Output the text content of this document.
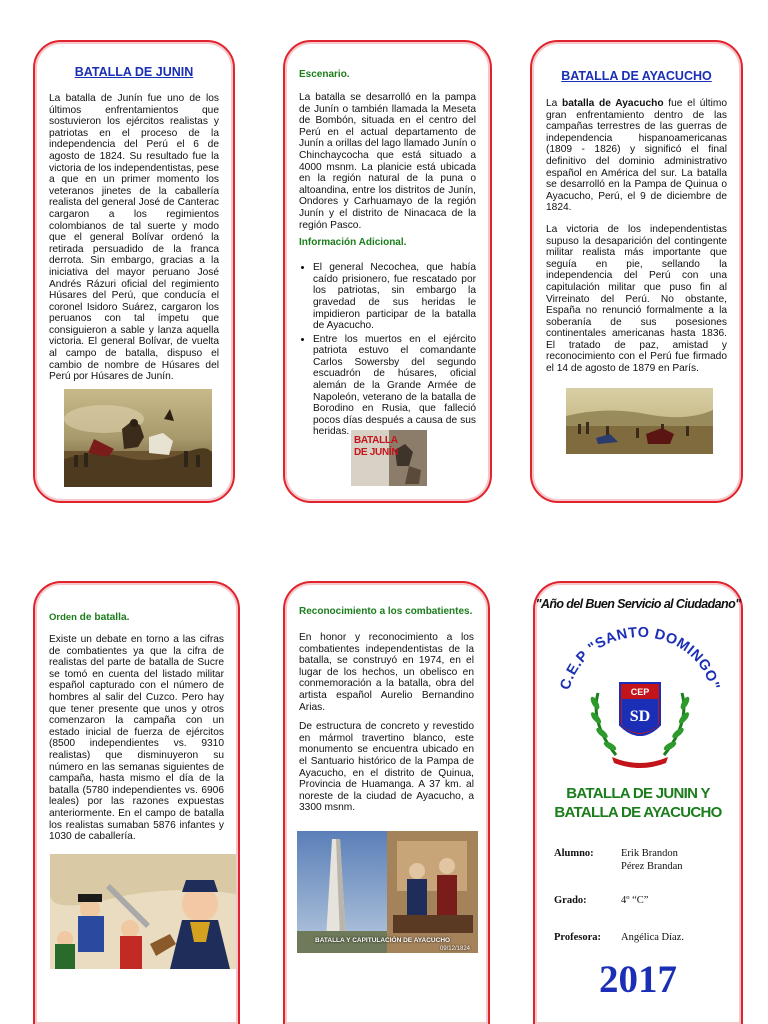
BATALLA DE JUNIN

La batalla de Junín fue uno de los últimos enfrentamientos que sostuvieron los ejércitos realistas y patriotas en el proceso de la independencia del Perú el 6 de agosto de 1824. Su resultado fue la victoria de los independentistas, pese a que en un primer momento los veteranos jinetes de la caballería realista del general José de Canterac cargaron a los regimientos colombianos de tal suerte y modo que el general Bolívar ordenó la retirada persuadido de la franca derrota. Sin embargo, gracias a la iniciativa del mayor peruano José Andrés Rázuri oficial del regimiento Húsares del Perú, que conducía el coronel Isidoro Suárez, cargaron los peruanos con tal ímpetu que consiguieron a sable y lanza aquella victoria. El general Bolívar, de vuelta al campo de batalla, dispuso el cambio de nombre de Húsares del Perú por Húsares de Junín.

Escenario.

La batalla se desarrolló en la pampa de Junín o también llamada la Meseta de Bombón, situada en el centro del Perú en el actual departamento de Junín a orillas del lago llamado Junín o Chinchaycocha que está situado a 4000 msnm. La planicie está ubicada en la región natural de la puna o altoandina, entre los distritos de Junín, Ondores y Carhuamayo de la región Junín y el distrito de Ninacaca de la región Pasco.

Información Adicional.
• El general Necochea, que había caído prisionero, fue rescatado por los patriotas, sin embargo la gravedad de sus heridas le impidieron participar de la batalla de Ayacucho.
• Entre los muertos en el ejército patriota estuvo el comandante Carlos Sowersby del segundo escuadrón de húsares, oficial alemán de la Grande Armée de Napoleón, veterano de la batalla de Borodino en Rusia, que falleció pocos días después a causa de sus heridas.
BATALLA
DE JUNÍN
BATALLA DE AYACUCHO

La batalla de Ayacucho fue el último gran enfrentamiento dentro de las campañas terrestres de las guerras de independencia hispanoamericanas (1809 - 1826) y significó el final definitivo del dominio administrativo español en América del sur. La batalla se desarrolló en la Pampa de Quinua o Ayacucho, Perú, el 9 de diciembre de 1824.

La victoria de los independentistas supuso la desaparición del contingente militar realista más importante que seguía en pie, sellando la independencia del Perú con una capitulación militar que puso fin al Virreinato del Perú. No obstante, España no renunció formalmente a la soberanía de sus posesiones continentales americanas hasta 1836. El tratado de paz, amistad y reconocimiento con el Perú fue firmado el 14 de agosto de 1879 en París.

Orden de batalla.

Existe un debate en torno a las cifras de combatientes ya que la cifra de realistas del parte de batalla de Sucre se tomó en cuenta del listado militar español capturado con el número de hombres al salir del Cuzco. Pero hay que tener presente que unos y otros comenzaron la campaña con un estado inicial de fuerza de ejércitos (8500 independientes vs. 9310 realistas) que disminuyeron su número en las semanas siguientes de campaña, hasta mismo el día de la batalla (5780 independientes vs. 6906 leales) por las razones expuestas anteriormente. En el campo de batalla los realistas sumaban 5876 infantes y 1030 de caballería.

Reconocimiento a los combatientes.

En honor y reconocimiento a los combatientes independentistas de la batalla, se construyó en 1974, en el lugar de los hechos, un obelisco en conmemoración a la batalla, obra del artista español Aurelio Bernandino Arias.

De estructura de concreto y revestido en mármol travertino blanco, este monumento se encuentra ubicado en el Santuario histórico de la Pampa de Ayacucho, en el distrito de Quinua, Provincia de Huamanga. A 37 km. al noreste de la ciudad de Ayacucho, a 3300 msnm.

BATALLA Y CAPITULACIÓN DE AYACUCHO
09/12/1824
"Año del Buen Servicio al Ciudadano"
C.E.P "SANTO DOMINGO"
CEP
SD
BATALLA DE JUNIN Y BATALLA DE AYACUCHO
Alumno:	Erik Brandon
Pérez Brandan
Grado:	4º “C”
Profesora: Angélica Díaz.
2017
